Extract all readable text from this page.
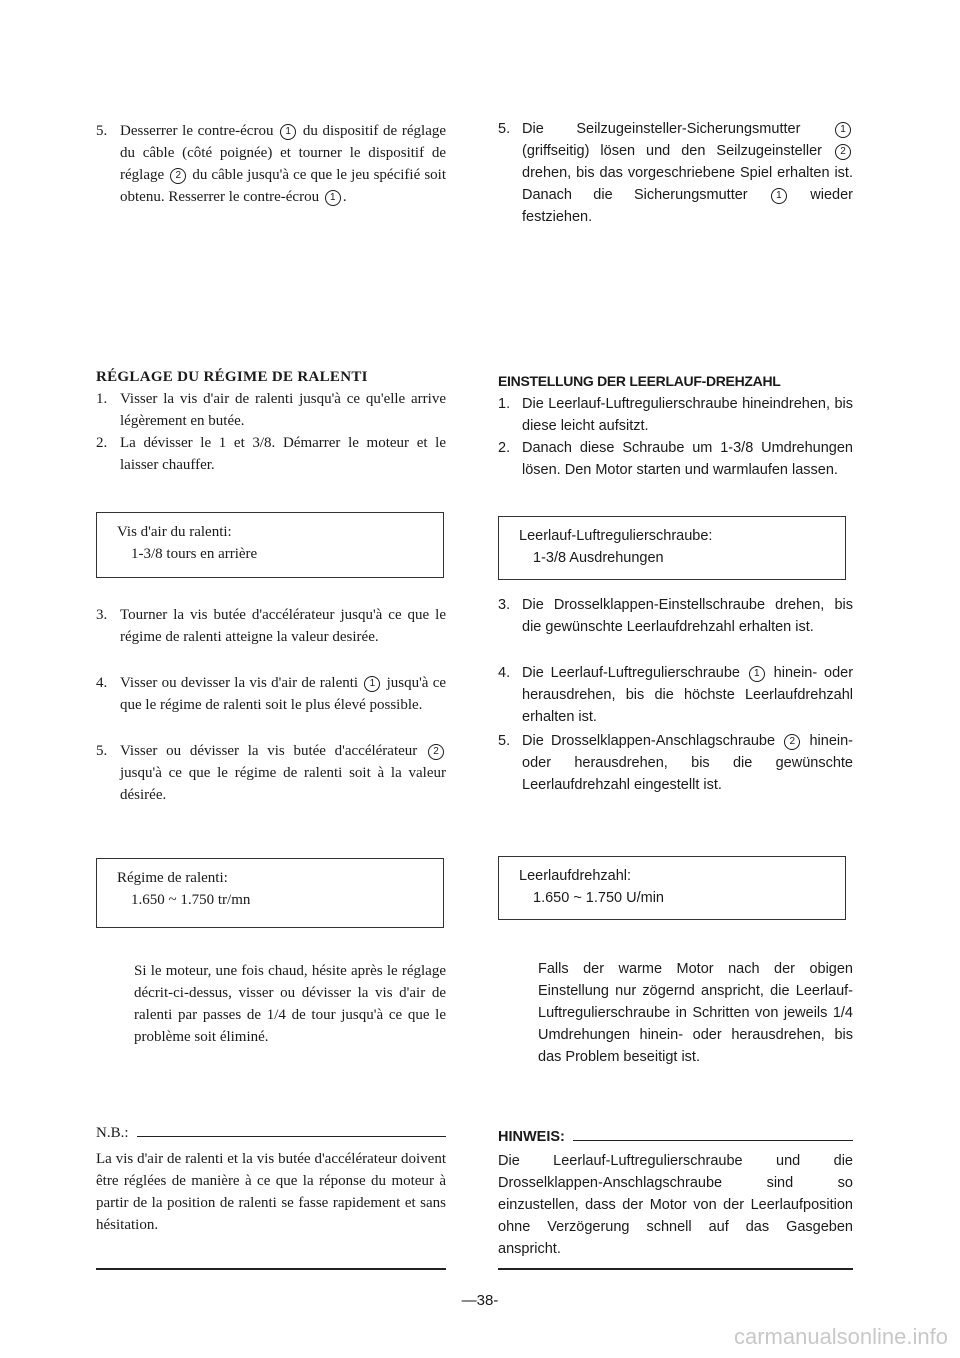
5. Desserrer le contre-écrou 1 du dispositif de réglage du câble (côté poignée) et tourner le dispositif de réglage 2 du câble jusqu'à ce que le jeu spécifié soit obtenu. Resserrer le contre-écrou 1 .
RÉGLAGE DU RÉGIME DE RALENTI
1. Visser la vis d'air de ralenti jusqu'à ce qu'elle arrive légèrement en butée.
2. La dévisser le 1 et 3/8. Démarrer le moteur et le laisser chauffer.
Vis d'air du ralenti:
1-3/8 tours en arrière
3. Tourner la vis butée d'accélérateur jusqu'à ce que le régime de ralenti atteigne la valeur desirée.
4. Visser ou devisser la vis d'air de ralenti 1 jusqu'à ce que le régime de ralenti soit le plus élevé possible.
5. Visser ou dévisser la vis butée d'accélérateur 2 jusqu'à ce que le régime de ralenti soit à la valeur désirée.
Régime de ralenti:
1.650 ~ 1.750 tr/mn
Si le moteur, une fois chaud, hésite après le réglage décrit-ci-dessus, visser ou dévisser la vis d'air de ralenti par passes de 1/4 de tour jusqu'à ce que le problème soit éliminé.
N.B.:
La vis d'air de ralenti et la vis butée d'accélérateur doivent être réglées de manière à ce que la réponse du moteur à partir de la position de ralenti se fasse rapidement et sans hésitation.
5. Die Seilzugeinsteller-Sicherungsmutter	1 (griffseitig) lösen und den Seilzugeinsteller 2 drehen, bis das vorgeschriebene Spiel erhalten ist. Danach die Sicherungsmutter	1 wieder festziehen.
EINSTELLUNG DER LEERLAUF-DREHZAHL
1. Die Leerlauf-Luftregulierschraube hineindrehen, bis diese leicht aufsitzt.
2. Danach diese Schraube um 1-3/8 Umdrehungen lösen. Den Motor starten und warmlaufen lassen.
Leerlauf-Luftregulierschraube:
1-3/8 Ausdrehungen
3. Die Drosselklappen-Einstellschraube drehen, bis die gewünschte Leerlaufdrehzahl erhalten ist.
4. Die Leerlauf-Luftregulierschraube 1 hinein- oder herausdrehen, bis die höchste Leerlaufdrehzahl erhalten ist.
5. Die Drosselklappen-Anschlagschraube 2 hinein- oder herausdrehen, bis die gewünschte Leerlaufdrehzahl eingestellt ist.
Leerlaufdrehzahl:
1.650 ~ 1.750 U/min
Falls der warme Motor nach der obigen Einstellung nur zögernd anspricht, die Leerlauf-Luftregulierschraube in Schritten von jeweils 1/4 Umdrehungen hinein- oder herausdrehen, bis das Problem beseitigt ist.
HINWEIS:
Die Leerlauf-Luftregulierschraube und die Drosselklappen-Anschlagschraube sind so einzustellen, dass der Motor von der Leerlaufposition ohne Verzögerung schnell auf das Gasgeben anspricht.
—38-
carmanualsonline.info
